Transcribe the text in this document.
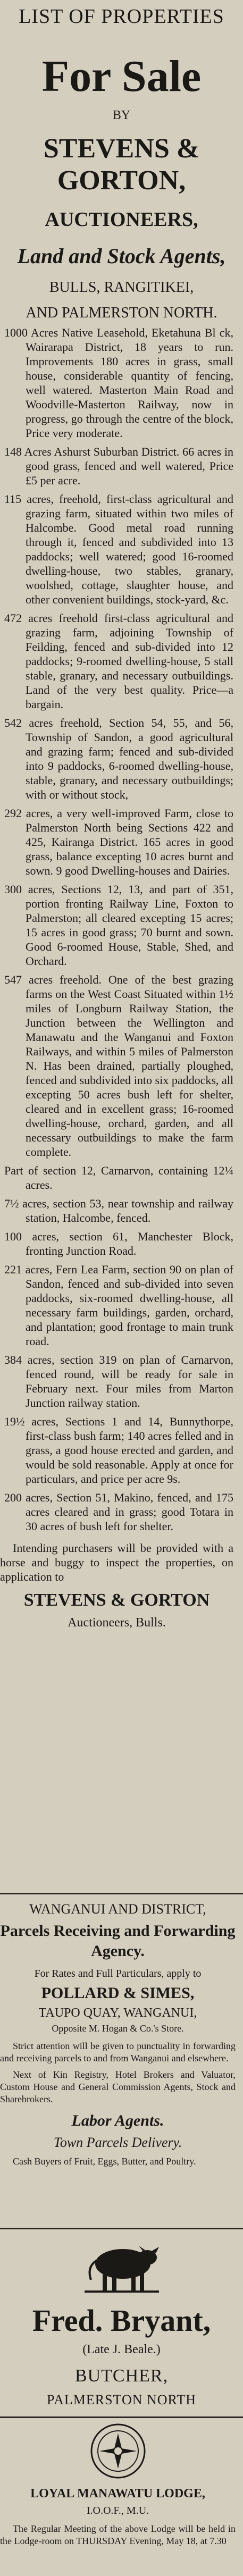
LIST OF PROPERTIES
For Sale
BY
STEVENS & GORTON,
AUCTIONEERS,
Land and Stock Agents,
BULLS, RANGITIKEI,
AND PALMERSTON NORTH.

1000 Acres Native Leasehold, Eketahuna Bl ck, Wairarapa District, 18 years to run. Improvements 180 acres in grass, small house, considerable quantity of fencing, well watered. Masterton Main Road and Woodville-Masterton Railway, now in progress, go through the centre of the block, Price very moderate.

148 Acres Ashurst Suburban District. 66 acres in good grass, fenced and well watered, Price £5 per acre.

115 acres, freehold, first-class agricultural and grazing farm, situated within two miles of Halcombe. Good metal road running through it, fenced and subdivided into 13 paddocks; well watered; good 16-roomed dwelling-house, two stables, granary, woolshed, cottage, slaughter house, and other convenient buildings, stock-yard, &c.

472 acres freehold first-class agricultural and grazing farm, adjoining Township of Feilding, fenced and sub-divided into 12 paddocks; 9-roomed dwelling-house, 5 stall stable, granary, and necessary outbuildings. Land of the very best quality. Price—a bargain.

542 acres freehold, Section 54, 55, and 56, Township of Sandon, a good agricultural and grazing farm; fenced and sub-divided into 9 paddocks, 6-roomed dwelling-house, stable, granary, and necessary outbuildings; with or without stock,

292 acres, a very well-improved Farm, close to Palmerston North being Sections 422 and 425, Kairanga District. 165 acres in good grass, balance excepting 10 acres burnt and sown. 9 good Dwelling-houses and Dairies.

300 acres, Sections 12, 13, and part of 351, portion fronting Railway Line, Foxton to Palmerston; all cleared excepting 15 acres; 15 acres in good grass; 70 burnt and sown. Good 6-roomed House, Stable, Shed, and Orchard.

547 acres freehold. One of the best grazing farms on the West Coast Situated within 1½ miles of Longburn Railway Station, the Junction between the Wellington and Manawatu and the Wanganui and Foxton Railways, and within 5 miles of Palmerston N. Has been drained, partially ploughed, fenced and subdivided into six paddocks, all excepting 50 acres bush left for shelter, cleared and in excellent grass; 16-roomed dwelling-house, orchard, garden, and all necessary outbuildings to make the farm complete.

Part of section 12, Carnarvon, containing 12¼ acres.

7½ acres, section 53, near township and railway station, Halcombe, fenced.

100 acres, section 61, Manchester Block, fronting Junction Road.

221 acres, Fern Lea Farm, section 90 on plan of Sandon, fenced and sub-divided into seven paddocks, six-roomed dwelling-house, all necessary farm buildings, garden, orchard, and plantation; good frontage to main trunk road.

384 acres, section 319 on plan of Carnarvon, fenced round, will be ready for sale in February next. Four miles from Marton Junction railway station.

19½ acres, Sections 1 and 14, Bunnythorpe, first-class bush farm; 140 acres felled and in grass, a good house erected and garden, and would be sold reasonable. Apply at once for particulars, and price per acre 9s.

200 acres, Section 51, Makino, fenced, and 175 acres cleared and in grass; good Totara in 30 acres of bush left for shelter.

Intending purchasers will be provided with a horse and buggy to inspect the properties, on application to

STEVENS & GORTON

Auctioneers, Bulls.

WANGANUI AND DISTRICT,
Parcels Receiving and Forwarding Agency.
For Rates and Full Particulars, apply to
POLLARD & SIMES,
TAUPO QUAY, WANGANUI,
Opposite M. Hogan & Co.'s Store.
Strict attention will be given to punctuality in forwarding and receiving parcels to and from Wanganui and elsewhere.
Next of Kin Registry, Hotel Brokers and Valuator, Custom House and General Commission Agents, Stock and Sharebrokers.
Labor Agents.
Town Parcels Delivery.
Cash Buyers of Fruit, Eggs, Butter, and Poultry.
Fred. Bryant,
(Late J. Beale.)
BUTCHER,
PALMERSTON NORTH
LOYAL MANAWATU LODGE,
I.O.O.F., M.U.
The Regular Meeting of the above Lodge will be held in the Lodge-room on THURSDAY Evening, May 18, at 7.30
